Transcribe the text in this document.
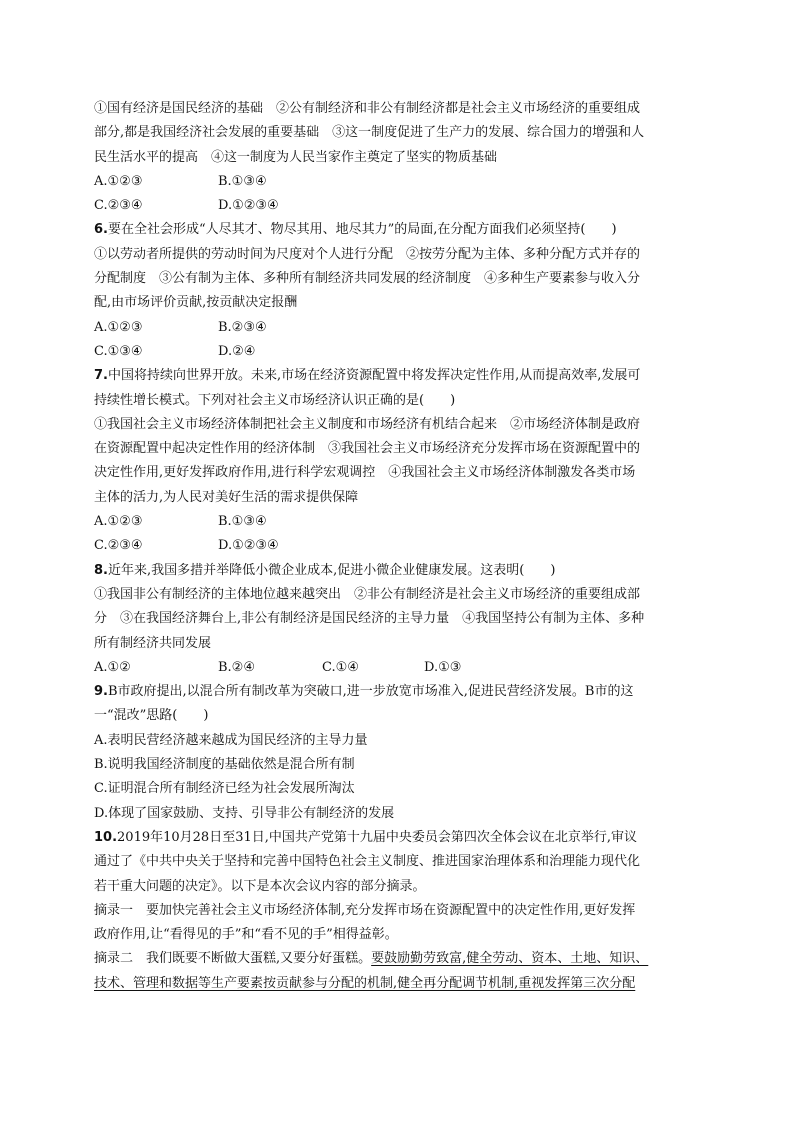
①国有经济是国民经济的基础　②公有制经济和非公有制经济都是社会主义市场经济的重要组成
部分,都是我国经济社会发展的重要基础　③这一制度促进了生产力的发展、综合国力的增强和人
民生活水平的提高　④这一制度为人民当家作主奠定了坚实的物质基础
A.①②③	B.①③④
C.②③④	D.①②③④
6.要在全社会形成“人尽其才、物尽其用、地尽其力”的局面,在分配方面我们必须坚持(　　)
①以劳动者所提供的劳动时间为尺度对个人进行分配　②按劳分配为主体、多种分配方式并存的
分配制度　③公有制为主体、多种所有制经济共同发展的经济制度　④多种生产要素参与收入分
配,由市场评价贡献,按贡献决定报酬
A.①②③	B.②③④
C.①③④	D.②④
7.中国将持续向世界开放。未来,市场在经济资源配置中将发挥决定性作用,从而提高效率,发展可
持续性增长模式。下列对社会主义市场经济认识正确的是(　　)
①我国社会主义市场经济体制把社会主义制度和市场经济有机结合起来　②市场经济体制是政府
在资源配置中起决定性作用的经济体制　③我国社会主义市场经济充分发挥市场在资源配置中的
决定性作用,更好发挥政府作用,进行科学宏观调控　④我国社会主义市场经济体制激发各类市场
主体的活力,为人民对美好生活的需求提供保障
A.①②③	B.①③④
C.②③④	D.①②③④
8.近年来,我国多措并举降低小微企业成本,促进小微企业健康发展。这表明(　　)
①我国非公有制经济的主体地位越来越突出　②非公有制经济是社会主义市场经济的重要组成部
分　③在我国经济舞台上,非公有制经济是国民经济的主导力量　④我国坚持公有制为主体、多种
所有制经济共同发展
A.①②	B.②④	C.①④	D.①③
9.B市政府提出,以混合所有制改革为突破口,进一步放宽市场准入,促进民营经济发展。B市的这
一“混改”思路(　　)
A.表明民营经济越来越成为国民经济的主导力量
B.说明我国经济制度的基础依然是混合所有制
C.证明混合所有制经济已经为社会发展所淘汰
D.体现了国家鼓励、支持、引导非公有制经济的发展
10.2019年10月28日至31日,中国共产党第十九届中央委员会第四次全体会议在北京举行,审议
通过了《中共中央关于坚持和完善中国特色社会主义制度、推进国家治理体系和治理能力现代化
若干重大问题的决定》。以下是本次会议内容的部分摘录。
摘录一　要加快完善社会主义市场经济体制,充分发挥市场在资源配置中的决定性作用,更好发挥
政府作用,让“看得见的手”和“看不见的手”相得益彰。
摘录二　我们既要不断做大蛋糕,又要分好蛋糕。要鼓励勤劳致富,健全劳动、资本、土地、知识、
技术、管理和数据等生产要素按贡献参与分配的机制,健全再分配调节机制,重视发挥第三次分配
